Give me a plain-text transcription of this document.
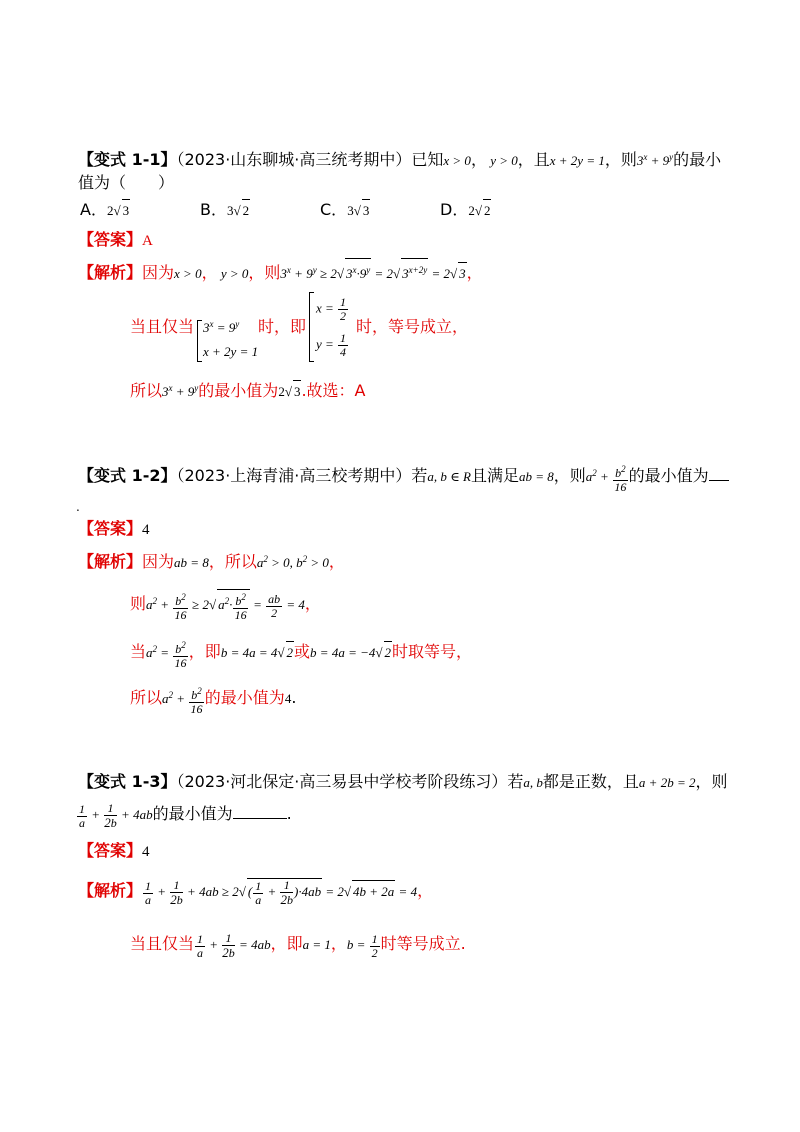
【变式 1-1】（2023·山东聊城·高三统考期中）已知x > 0， y > 0，且x + 2y = 1，则$3^x + 9^y$的最小
值为（　　）
A．2√ 3	B．3√ 2	C．3√ 3	D．2√ 2
【答案】A
【解析】因为x > 0， y > 0，则$3^x + 9^y \ge 2√$ $3^x\cdot 9^y = 2√$ $3^{x+2y} = 2√$ 3，
当且仅当 $3^x = 9^y$
x + 2y = 1
时，即
$x = \frac{1}{2}$
$y = \frac{1}{4}$
时，等号成立，
所以$3^x + 9^y$的最小值为2√ 3.故选：A
【变式 1-2】（2023·上海青浦·高三校考期中）若a, b ∈ R且满足ab = 8，则$a^2 + \frac{b^2}{16}$ 的最小值为
.
【答案】4
【解析】因为ab = 8，所以$a^2 > 0$, $b^2 > 0$，
则$a^2 + \frac{b^2}{16} \ge 2√$ $a^2\cdot \frac{b^2}{16} = \frac{ab}{2} = 4$，
当$a^2 = \frac{b^2}{16}$ ，即b = 4a = 4√ 2或b = 4a = −4√ 2时取等号，
所以$a^2 + \frac{b^2}{16}$ 的最小值为4.
【变式 1-3】（2023·河北保定·高三易县中学校考阶段练习）若a, b都是正数，且a + 2b = 2，则
$\frac{1}{a} + \frac{1}{2b} + 4ab$的最小值为	.
【答案】4
【解析】 $\frac{1}{a} + \frac{1}{2b} + 4ab \ge 2√$ ( $\frac{1}{a} + \frac{1}{2b} )\cdot 4ab = 2√$ 4b + 2a = 4，
当且仅当 $\frac{1}{a} + \frac{1}{2b} = 4ab$，即a = 1，$b = \frac{1}{2}$ 时等号成立.
